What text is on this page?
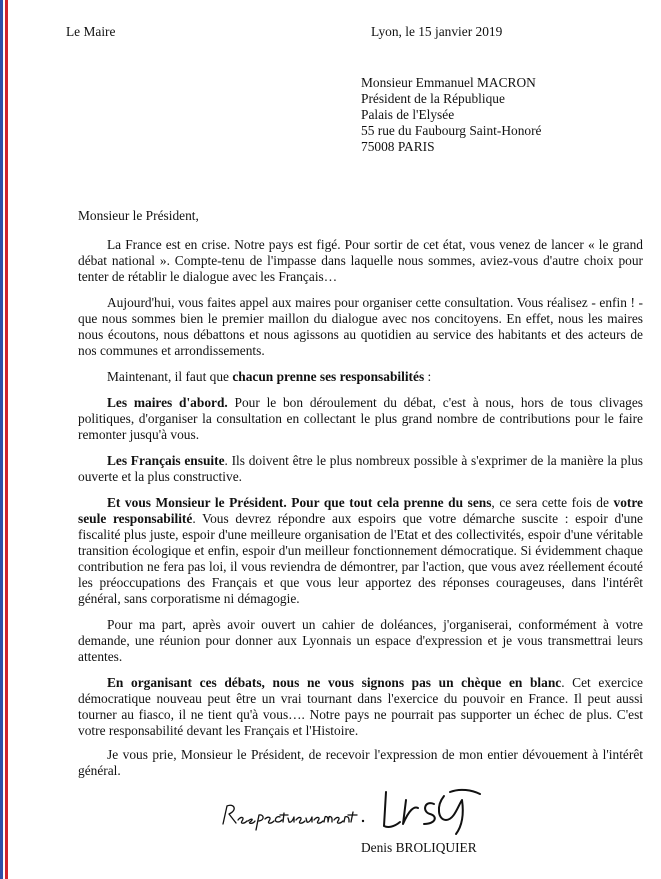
Le Maire	Lyon, le 15 janvier 2019
Monsieur Emmanuel MACRON
Président de la République
Palais de l'Elysée
55 rue du Faubourg Saint-Honoré
75008 PARIS

Monsieur le Président,

La France est en crise. Notre pays est figé. Pour sortir de cet état, vous venez de lancer « le grand débat national ». Compte-tenu de l'impasse dans laquelle nous sommes, aviez-vous d'autre choix pour tenter de rétablir le dialogue avec les Français…

Aujourd'hui, vous faites appel aux maires pour organiser cette consultation. Vous réalisez - enfin ! - que nous sommes bien le premier maillon du dialogue avec nos concitoyens. En effet, nous les maires nous écoutons, nous débattons et nous agissons au quotidien au service des habitants et des acteurs de nos communes et arrondissements.

Maintenant, il faut que chacun prenne ses responsabilités :

Les maires d'abord. Pour le bon déroulement du débat, c'est à nous, hors de tous clivages politiques, d'organiser la consultation en collectant le plus grand nombre de contributions pour le faire remonter jusqu'à vous.

Les Français ensuite. Ils doivent être le plus nombreux possible à s'exprimer de la manière la plus ouverte et la plus constructive.

Et vous Monsieur le Président. Pour que tout cela prenne du sens, ce sera cette fois de votre seule responsabilité. Vous devrez répondre aux espoirs que votre démarche suscite : espoir d'une fiscalité plus juste, espoir d'une meilleure organisation de l'Etat et des collectivités, espoir d'une véritable transition écologique et enfin, espoir d'un meilleur fonctionnement démocratique. Si évidemment chaque contribution ne fera pas loi, il vous reviendra de démontrer, par l'action, que vous avez réellement écouté les préoccupations des Français et que vous leur apportez des réponses courageuses, dans l'intérêt général, sans corporatisme ni démagogie.

Pour ma part, après avoir ouvert un cahier de doléances, j'organiserai, conformément à votre demande, une réunion pour donner aux Lyonnais un espace d'expression et je vous transmettrai leurs attentes.

En organisant ces débats, nous ne vous signons pas un chèque en blanc. Cet exercice démocratique nouveau peut être un vrai tournant dans l'exercice du pouvoir en France. Il peut aussi tourner au fiasco, il ne tient qu'à vous…. Notre pays ne pourrait pas supporter un échec de plus. C'est votre responsabilité devant les Français et l'Histoire.

Je vous prie, Monsieur le Président, de recevoir l'expression de mon entier dévouement à l'intérêt général.

Respectueusement .
Denis BROLIQUIER
